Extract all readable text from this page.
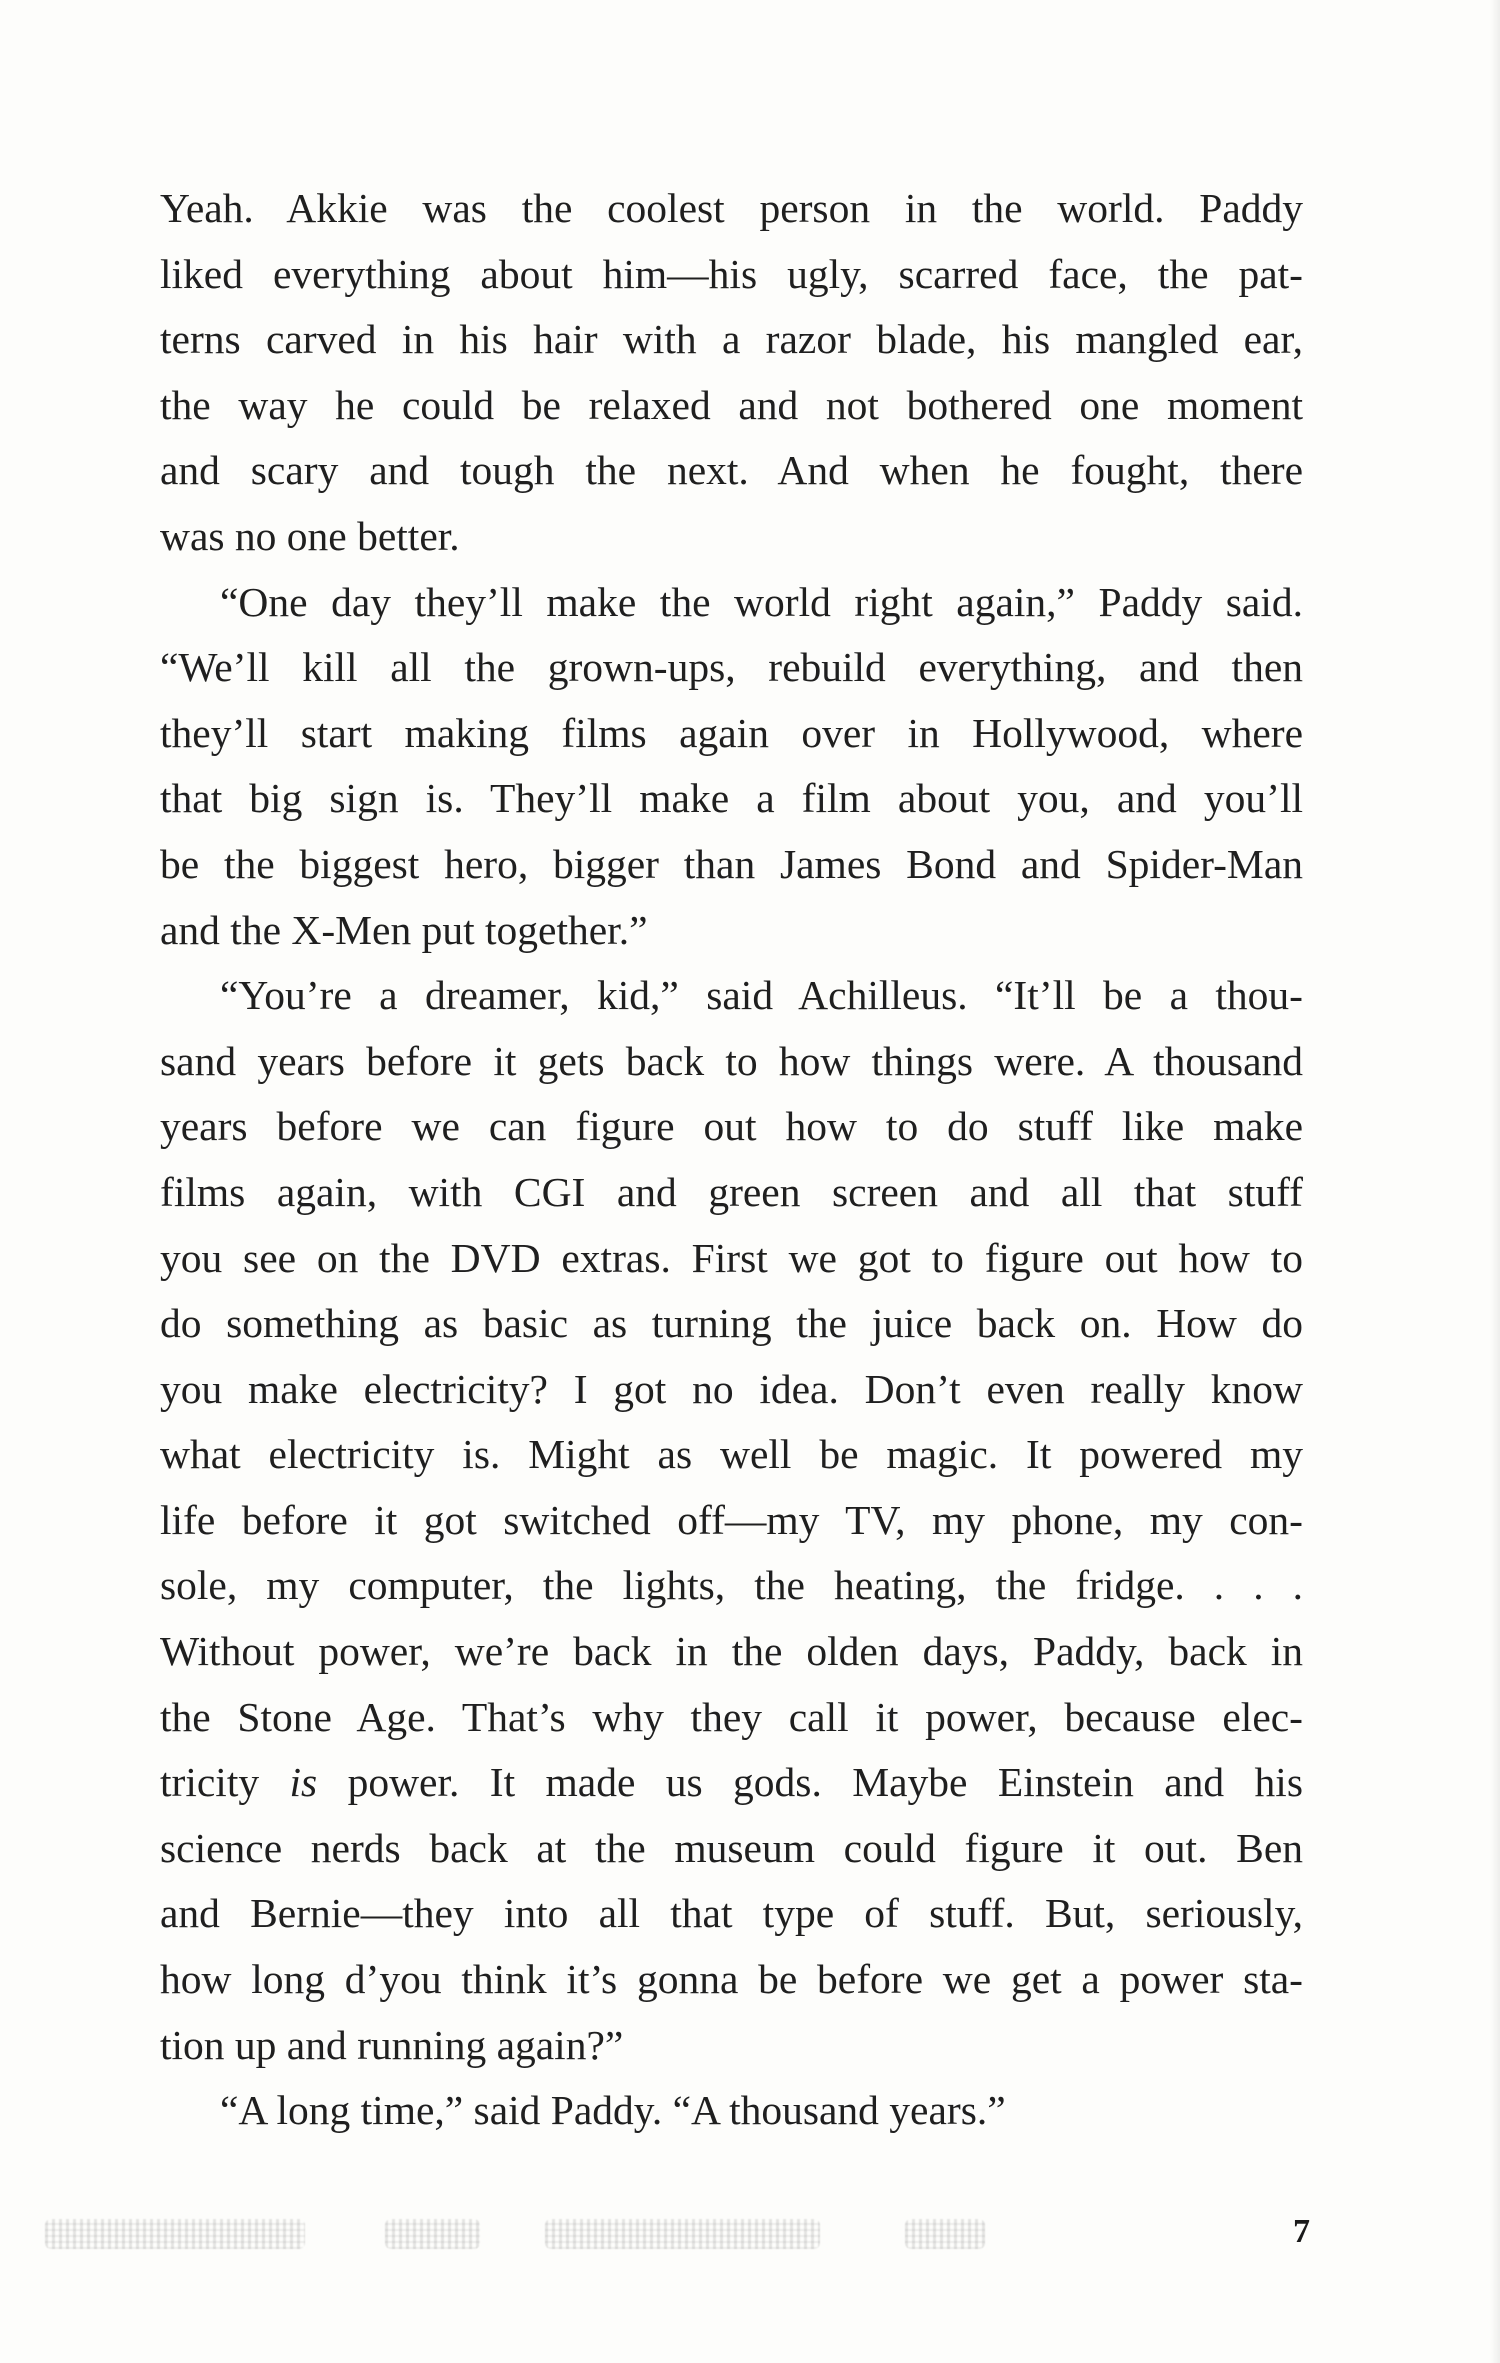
Yeah. Akkie was the coolest person in the world. Paddy
liked everything about him—his ugly, scarred face, the pat-
terns carved in his hair with a razor blade, his mangled ear,
the way he could be relaxed and not bothered one moment
and scary and tough the next. And when he fought, there
was no one better.

“One day they’ll make the world right again,” Paddy said.
“We’ll kill all the grown-ups, rebuild everything, and then
they’ll start making films again over in Hollywood, where
that big sign is. They’ll make a film about you, and you’ll
be the biggest hero, bigger than James Bond and Spider-Man
and the X-Men put together.”

“You’re a dreamer, kid,” said Achilleus. “It’ll be a thou-
sand years before it gets back to how things were. A thousand
years before we can figure out how to do stuff like make
films again, with CGI and green screen and all that stuff
you see on the DVD extras. First we got to figure out how to
do something as basic as turning the juice back on. How do
you make electricity? I got no idea. Don’t even really know
what electricity is. Might as well be magic. It powered my
life before it got switched off—my TV, my phone, my con-
sole, my computer, the lights, the heating, the fridge. . . .
Without power, we’re back in the olden days, Paddy, back in
the Stone Age. That’s why they call it power, because elec-
tricity is power. It made us gods. Maybe Einstein and his
science nerds back at the museum could figure it out. Ben
and Bernie—they into all that type of stuff. But, seriously,
how long d’you think it’s gonna be before we get a power sta-
tion up and running again?”

“A long time,” said Paddy. “A thousand years.”

7
